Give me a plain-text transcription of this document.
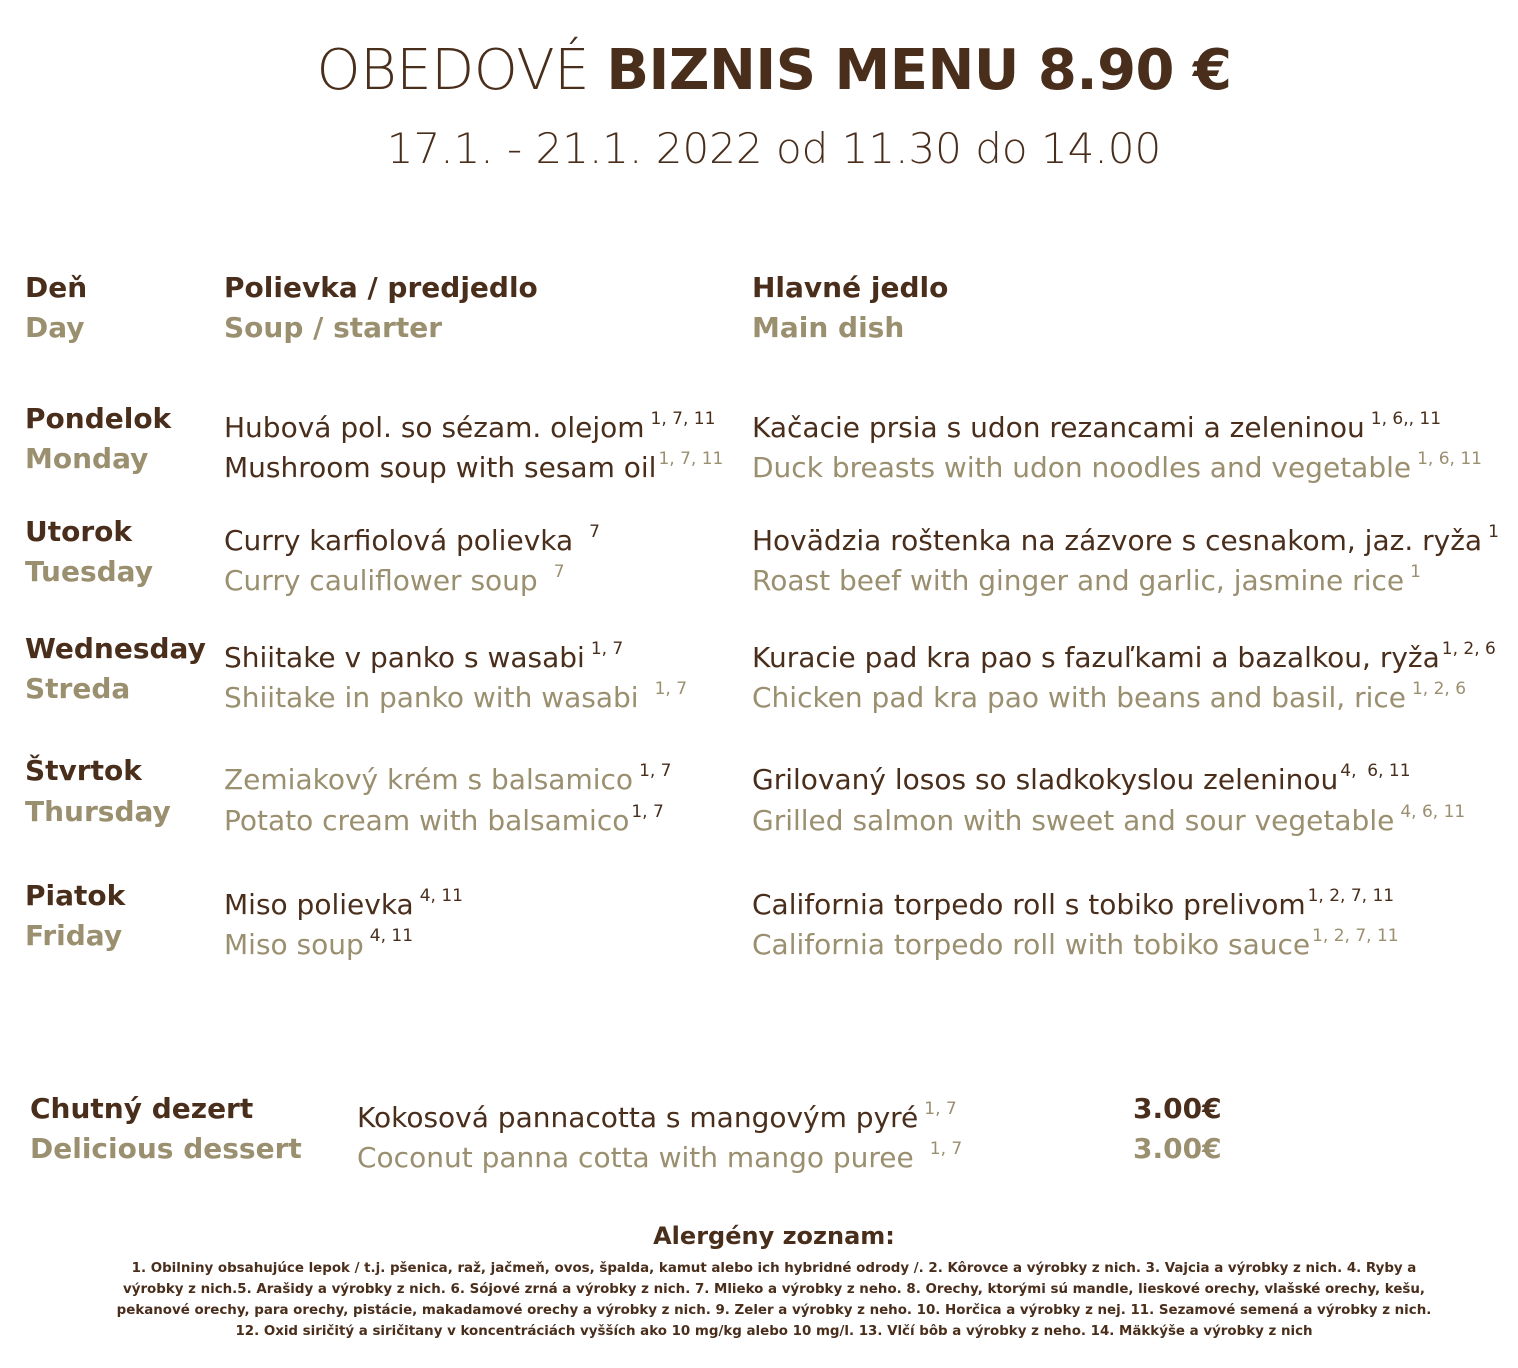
OBEDOVÉ BIZNIS MENU 8.90 €
17.1. - 21.1. 2022 od 11.30 do 14.00
Deň
Day
Polievka / predjedlo
Soup / starter
Hlavné jedlo
Main dish
Pondelok
Monday
Hubová pol. so sézam. olejom $^{1, 7, 11}$
Mushroom soup with sesam oil $^{1, 7, 11}$
Kačacie prsia s udon rezancami a zeleninou $^{1, 6,, 11}$
Duck breasts with udon noodles and vegetable $^{1, 6, 11}$
Utorok
Tuesday
Curry karfiolová polievka $^7$
Curry cauliflower soup $^7$
Hovädzia roštenka na zázvore s cesnakom, jaz. ryža $^1$
Roast beef with ginger and garlic, jasmine rice $^1$
Wednesday
Streda
Shiitake v panko s wasabi $^{1, 7}$
Shiitake in panko with wasabi $^{1, 7}$
Kuracie pad kra pao s fazuľkami a bazalkou, ryža $^{1, 2, 6}$
Chicken pad kra pao with beans and basil, rice $^{1, 2, 6}$
Štvrtok
Thursday
Zemiakový krém s balsamico $^{1, 7}$
Potato cream with balsamico $^{1, 7}$
Grilovaný losos so sladkokyslou zeleninou $^{4, 6, 11}$
Grilled salmon with sweet and sour vegetable $^{4, 6, 11}$
Piatok
Friday
Miso polievka $^{4, 11}$
Miso soup $^{4, 11}$
California torpedo roll s tobiko prelivom $^{1, 2, 7, 11}$
California torpedo roll with tobiko sauce $^{1, 2, 7, 11}$
Chutný dezert
Delicious dessert
Kokosová pannacotta s mangovým pyré $^{1, 7}$
Coconut panna cotta with mango puree $^{1, 7}$
3.00€
3.00€
Alergény zoznam:
1. Obilniny obsahujúce lepok / t.j. pšenica, raž, jačmeň, ovos, špalda, kamut alebo ich hybridné odrody /. 2. Kôrovce a výrobky z nich. 3. Vajcia a výrobky z nich. 4. Ryby a výrobky z nich.5. Arašidy a výrobky z nich. 6. Sójové zrná a výrobky z nich. 7. Mlieko a výrobky z neho. 8. Orechy, ktorými sú mandle, lieskové orechy, vlašské orechy, kešu, pekanové orechy, para orechy, pistácie, makadamové orechy a výrobky z nich. 9. Zeler a výrobky z neho. 10. Horčica a výrobky z nej. 11. Sezamové semená a výrobky z nich. 12. Oxid siričitý a siričitany v koncentráciách vyšších ako 10 mg/kg alebo 10 mg/l. 13. Vlčí bôb a výrobky z neho. 14. Mäkkýše a výrobky z nich
